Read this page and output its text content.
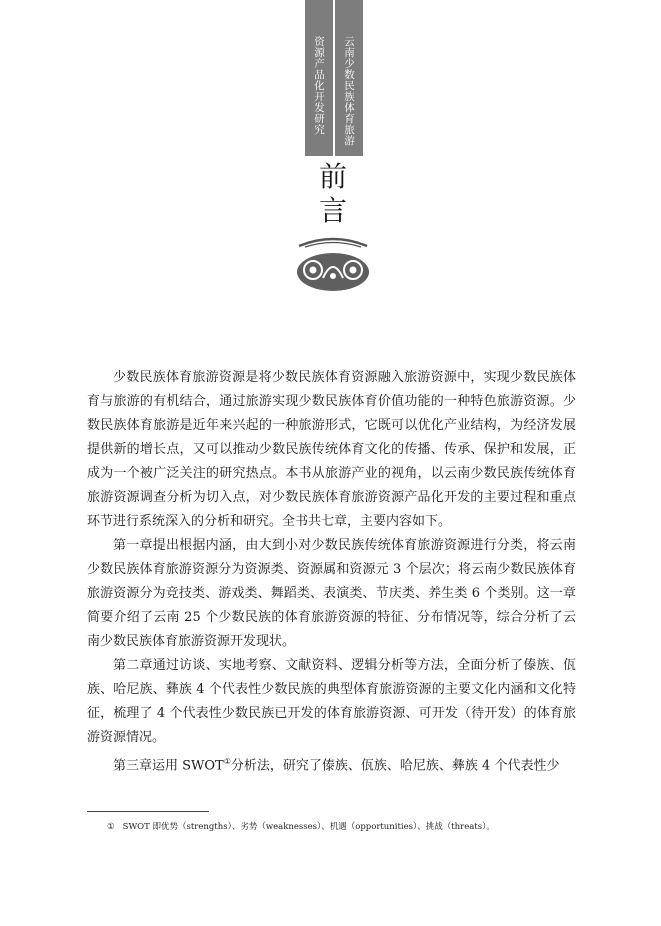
云南少数民族体育旅游
资源产品化开发研究
前
言

少数民族体育旅游资源是将少数民族体育资源融入旅游资源中，实现少数民族体育与旅游的有机结合，通过旅游实现少数民族体育价值功能的一种特色旅游资源。少数民族体育旅游是近年来兴起的一种旅游形式，它既可以优化产业结构，为经济发展提供新的增长点，又可以推动少数民族传统体育文化的传播、传承、保护和发展，正成为一个被广泛关注的研究热点。本书从旅游产业的视角，以云南少数民族传统体育旅游资源调查分析为切入点，对少数民族体育旅游资源产品化开发的主要过程和重点环节进行系统深入的分析和研究。全书共七章，主要内容如下。

第一章提出根据内涵，由大到小对少数民族传统体育旅游资源进行分类，将云南少数民族体育旅游资源分为资源类、资源属和资源元 3 个层次；将云南少数民族体育旅游资源分为竞技类、游戏类、舞蹈类、表演类、节庆类、养生类 6 个类别。这一章简要介绍了云南 25 个少数民族的体育旅游资源的特征、分布情况等，综合分析了云南少数民族体育旅游资源开发现状。

第二章通过访谈、实地考察、文献资料、逻辑分析等方法，全面分析了傣族、佤族、哈尼族、彝族 4 个代表性少数民族的典型体育旅游资源的主要文化内涵和文化特征，梳理了 4 个代表性少数民族已开发的体育旅游资源、可开发（待开发）的体育旅游资源情况。

第三章运用 SWOT①分析法，研究了傣族、佤族、哈尼族、彝族 4 个代表性少

① SWOT 即优势（strengths）、劣势（weaknesses）、机遇（opportunities）、挑战（threats）。
